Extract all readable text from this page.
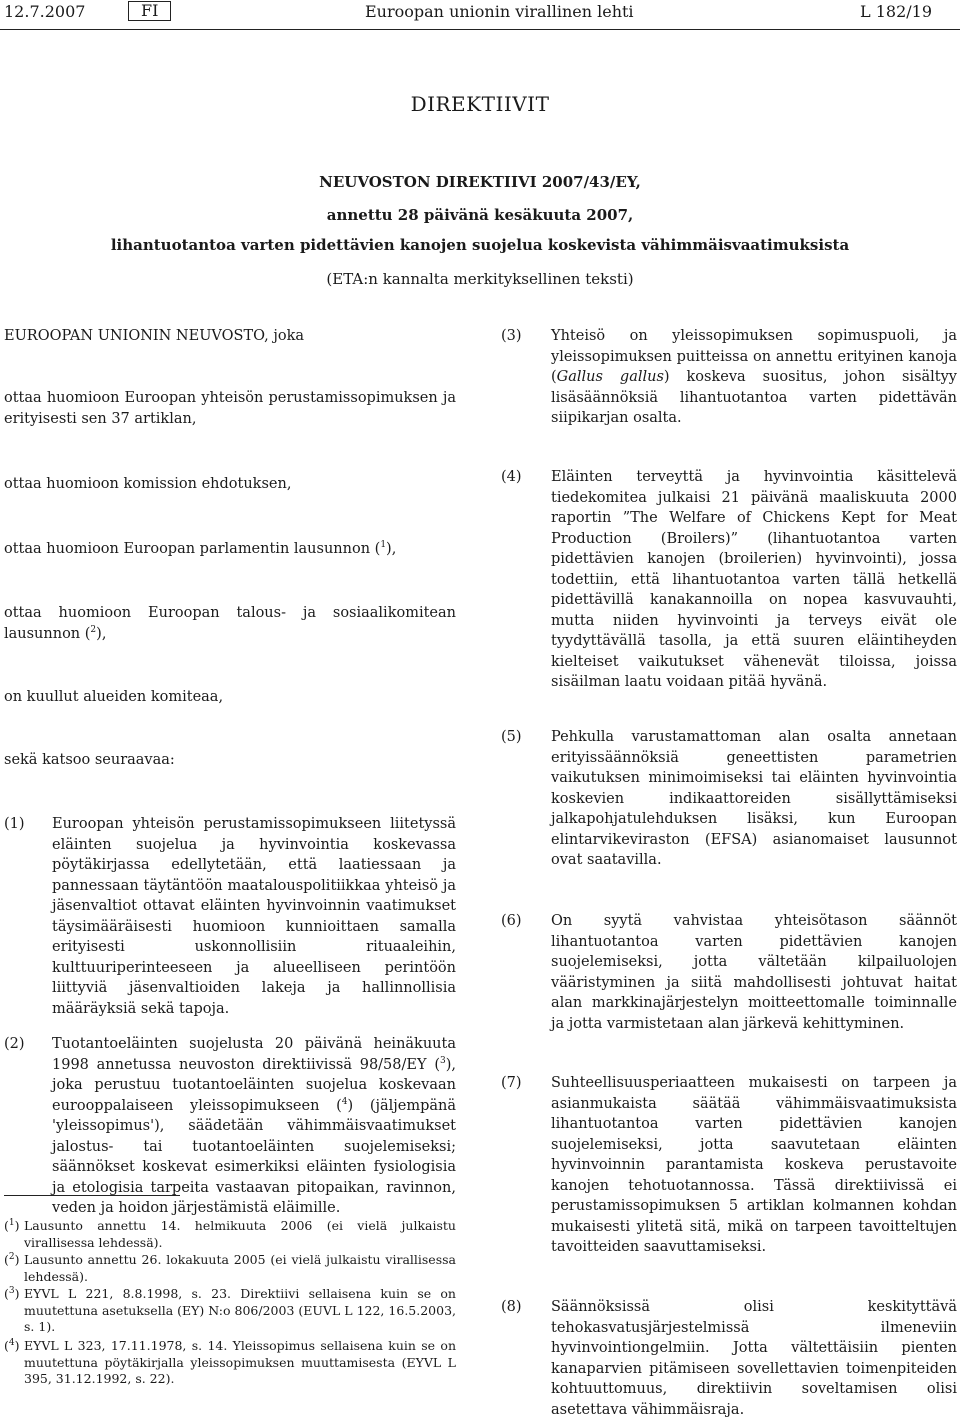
12.7.2007	FI	Euroopan unionin virallinen lehti	L 182/19
DIREKTIIVIT
NEUVOSTON DIREKTIIVI 2007/43/EY,
annettu 28 päivänä kesäkuuta 2007,
lihantuotantoa varten pidettävien kanojen suojelua koskevista vähimmäisvaatimuksista
(ETA:n kannalta merkityksellinen teksti)
EUROOPAN UNIONIN NEUVOSTO, joka
ottaa huomioon Euroopan yhteisön perustamissopimuksen ja erityisesti sen 37 artiklan,
ottaa huomioon komission ehdotuksen,
ottaa huomioon Euroopan parlamentin lausunnon ($^1$),
ottaa huomioon Euroopan talous- ja sosiaalikomitean lausunnon ($^2$),
on kuullut alueiden komiteaa,
sekä katsoo seuraavaa:
(1) Euroopan yhteisön perustamissopimukseen liitetyssä eläinten suojelua ja hyvinvointia koskevassa pöytäkirjassa edellytetään, että laatiessaan ja pannessaan täytäntöön maatalouspolitiikkaa yhteisö ja jäsenvaltiot ottavat eläinten hyvinvoinnin vaatimukset täysimääräisesti huomioon kunnioittaen samalla erityisesti uskonnollisiin rituaaleihin, kulttuuriperinteeseen ja alueelliseen perintöön liittyviä jäsenvaltioiden lakeja ja hallinnollisia määräyksiä sekä tapoja.
(2) Tuotantoeläinten suojelusta 20 päivänä heinäkuuta 1998 annetussa neuvoston direktiivissä 98/58/EY ($^3$), joka perustuu tuotantoeläinten suojelua koskevaan eurooppalaiseen yleissopimukseen ($^4$) (jäljempänä 'yleissopimus'), säädetään vähimmäisvaatimukset jalostus- tai tuotantoeläinten suojelemiseksi; säännökset koskevat esimerkiksi eläinten fysiologisia ja etologisia tarpeita vastaavan pitopaikan, ravinnon, veden ja hoidon järjestämistä eläimille.
($^1$) Lausunto annettu 14. helmikuuta 2006 (ei vielä julkaistu virallisessa lehdessä).
($^2$) Lausunto annettu 26. lokakuuta 2005 (ei vielä julkaistu virallisessa lehdessä).
($^3$) EYVL L 221, 8.8.1998, s. 23. Direktiivi sellaisena kuin se on muutettuna asetuksella (EY) N:o 806/2003 (EUVL L 122, 16.5.2003, s. 1).
($^4$) EYVL L 323, 17.11.1978, s. 14. Yleissopimus sellaisena kuin se on muutettuna pöytäkirjalla yleissopimuksen muuttamisesta (EYVL L 395, 31.12.1992, s. 22).
(3) Yhteisö on yleissopimuksen sopimuspuoli, ja yleissopimuksen puitteissa on annettu erityinen kanoja (Gallus gallus) koskeva suositus, johon sisältyy lisäsäännöksiä lihantuotantoa varten pidettävän siipikarjan osalta.
(4) Eläinten terveyttä ja hyvinvointia käsittelevä tiedekomitea julkaisi 21 päivänä maaliskuuta 2000 raportin ”The Welfare of Chickens Kept for Meat Production (Broilers)” (lihantuotantoa varten pidettävien kanojen (broilerien) hyvinvointi), jossa todettiin, että lihantuotantoa varten tällä hetkellä pidettävillä kanakannoilla on nopea kasvuvauhti, mutta niiden hyvinvointi ja terveys eivät ole tyydyttävällä tasolla, ja että suuren eläintiheyden kielteiset vaikutukset vähenevät tiloissa, joissa sisäilman laatu voidaan pitää hyvänä.
(5) Pehkulla varustamattoman alan osalta annetaan erityissäännöksiä geneettisten parametrien vaikutuksen minimoimiseksi tai eläinten hyvinvointia koskevien indikaattoreiden sisällyttämiseksi jalkapohjatulehduksen lisäksi, kun Euroopan elintarvikeviraston (EFSA) asianomaiset lausunnot ovat saatavilla.
(6) On syytä vahvistaa yhteisötason säännöt lihantuotantoa varten pidettävien kanojen suojelemiseksi, jotta vältetään kilpailuolojen vääristyminen ja siitä mahdollisesti johtuvat haitat alan markkinajärjestelyn moitteettomalle toiminnalle ja jotta varmistetaan alan järkevä kehittyminen.
(7) Suhteellisuusperiaatteen mukaisesti on tarpeen ja asianmukaista säätää vähimmäisvaatimuksista lihantuotantoa varten pidettävien kanojen suojelemiseksi, jotta saavutetaan eläinten hyvinvoinnin parantamista koskeva perustavoite kanojen tehotuotannossa. Tässä direktiivissä ei perustamissopimuksen 5 artiklan kolmannen kohdan mukaisesti ylitetä sitä, mikä on tarpeen tavoitteltujen tavoitteiden saavuttamiseksi.
(8) Säännöksissä olisi keskityttävä tehokasvatusjärjestelmissä ilmeneviin hyvinvointiongelmiin. Jotta vältettäisiin pienten kanaparvien pitämiseen sovellettavien toimenpiteiden kohtuuttomuus, direktiivin soveltamisen olisi asetettava vähimmäisraja.
